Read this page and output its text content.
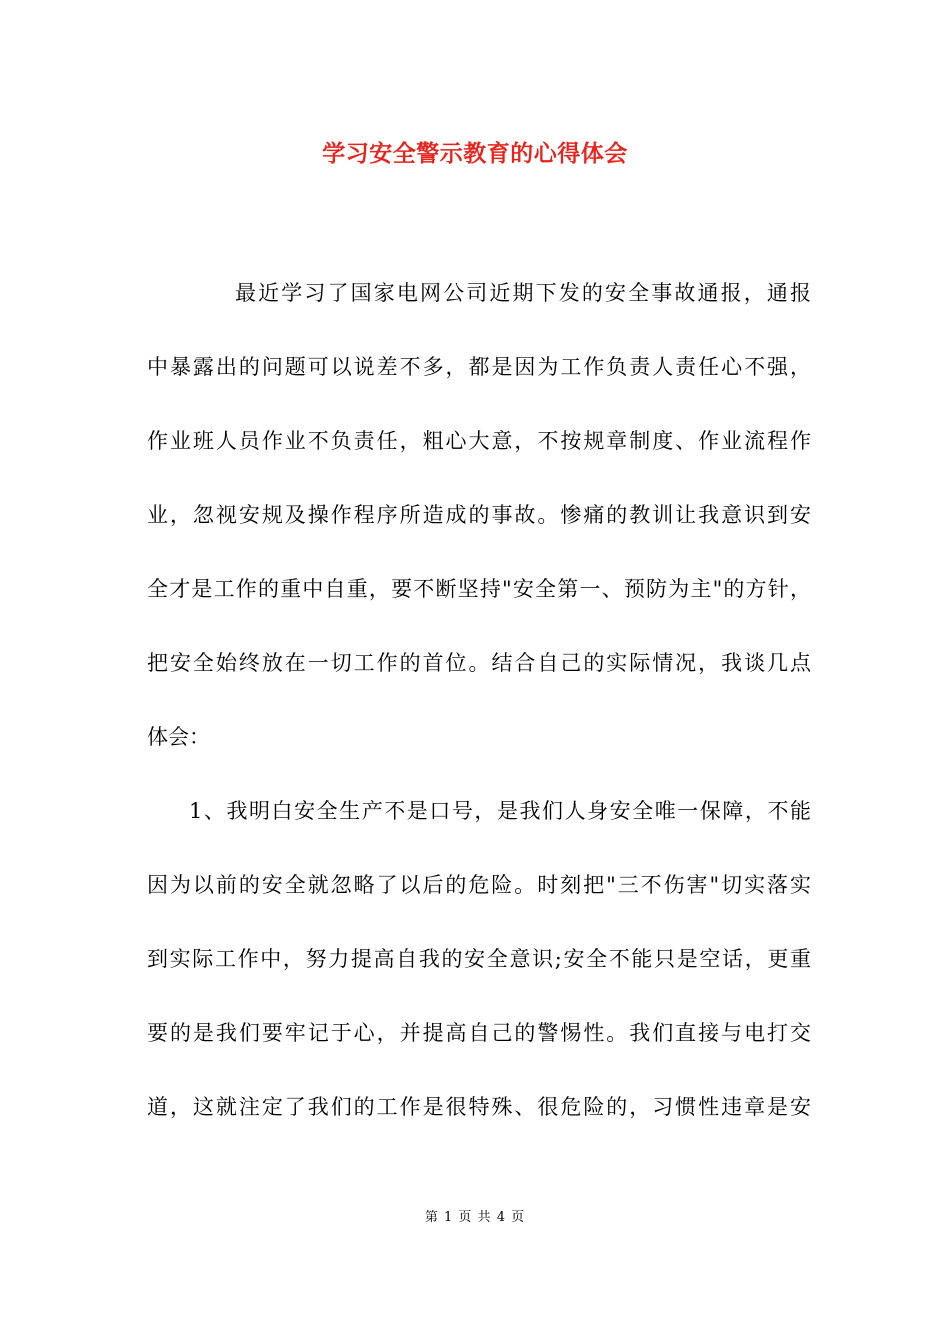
学习安全警示教育的心得体会
最近学习了国家电网公司近期下发的安全事故通报，通报
中暴露出的问题可以说差不多，都是因为工作负责人责任心不强，
作业班人员作业不负责任，粗心大意，不按规章制度、作业流程作
业，忽视安规及操作程序所造成的事故。惨痛的教训让我意识到安
全才是工作的重中自重，要不断坚持"安全第一、预防为主"的方针，
把安全始终放在一切工作的首位。结合自己的实际情况，我谈几点
体会：
1、我明白安全生产不是口号，是我们人身安全唯一保障，不能
因为以前的安全就忽略了以后的危险。时刻把"三不伤害"切实落实
到实际工作中，努力提高自我的安全意识;安全不能只是空话，更重
要的是我们要牢记于心，并提高自己的警惕性。我们直接与电打交
道，这就注定了我们的工作是很特殊、很危险的，习惯性违章是安
第 1 页 共 4 页
